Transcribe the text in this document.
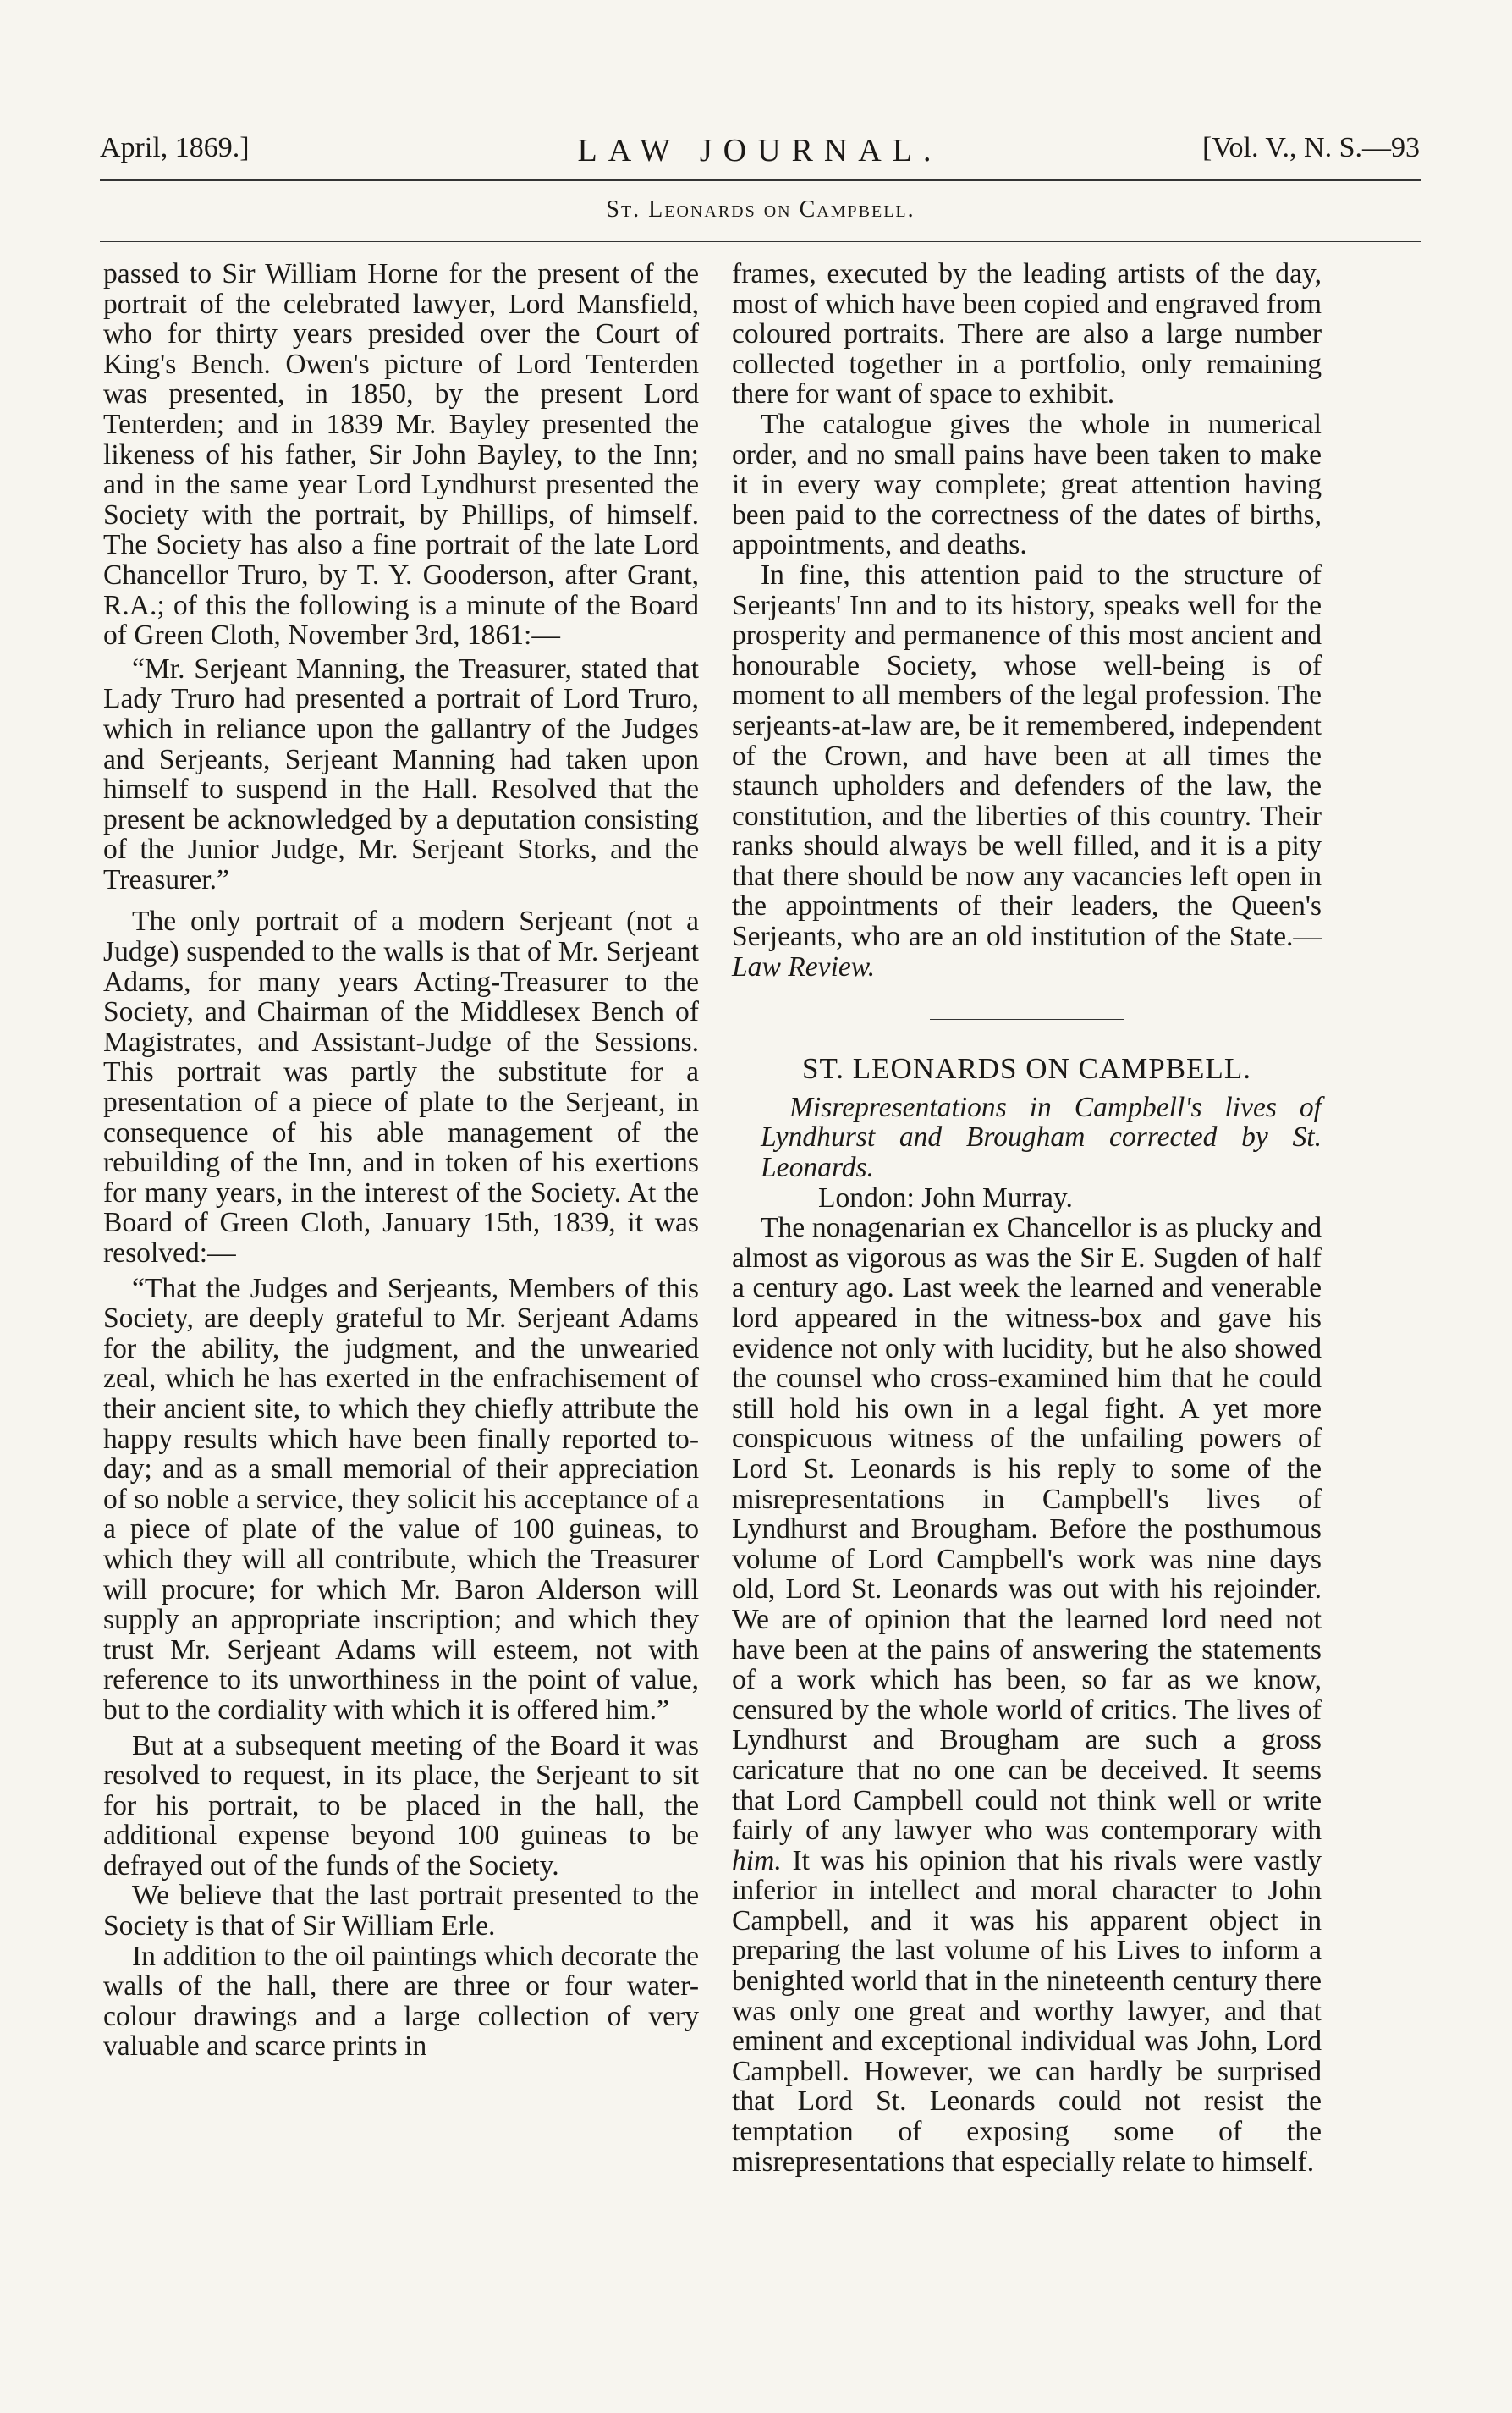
April, 1869.]	LAW JOURNAL.	[Vol. V., N. S.—93
St. Leonards on Campbell.

passed to Sir William Horne for the present of the portrait of the celebrated lawyer, Lord Mansfield, who for thirty years presided over the Court of King's Bench. Owen's picture of Lord Tenterden was presented, in 1850, by the present Lord Tenterden; and in 1839 Mr. Bayley presented the likeness of his father, Sir John Bayley, to the Inn; and in the same year Lord Lyndhurst presented the Society with the portrait, by Phillips, of himself. The Society has also a fine portrait of the late Lord Chancellor Truro, by T. Y. Gooderson, after Grant, R.A.; of this the following is a minute of the Board of Green Cloth, November 3rd, 1861:—

“Mr. Serjeant Manning, the Treasurer, stated that Lady Truro had presented a portrait of Lord Truro, which in reliance upon the gallantry of the Judges and Serjeants, Serjeant Manning had taken upon himself to suspend in the Hall. Resolved that the present be acknowledged by a deputation consisting of the Junior Judge, Mr. Serjeant Storks, and the Treasurer.”

The only portrait of a modern Serjeant (not a Judge) suspended to the walls is that of Mr. Serjeant Adams, for many years Acting-Treasurer to the Society, and Chairman of the Middlesex Bench of Magistrates, and Assistant-Judge of the Sessions. This portrait was partly the substitute for a presentation of a piece of plate to the Serjeant, in consequence of his able management of the rebuilding of the Inn, and in token of his exertions for many years, in the interest of the Society. At the Board of Green Cloth, January 15th, 1839, it was resolved:—

“That the Judges and Serjeants, Members of this Society, are deeply grateful to Mr. Serjeant Adams for the ability, the judgment, and the unwearied zeal, which he has exerted in the enfrachisement of their ancient site, to which they chiefly attribute the happy results which have been finally reported to-day; and as a small memorial of their appreciation of so noble a service, they solicit his acceptance of a a piece of plate of the value of 100 guineas, to which they will all contribute, which the Treasurer will procure; for which Mr. Baron Alderson will supply an appropriate inscription; and which they trust Mr. Serjeant Adams will esteem, not with reference to its unworthiness in the point of value, but to the cordiality with which it is offered him.”

But at a subsequent meeting of the Board it was resolved to request, in its place, the Serjeant to sit for his portrait, to be placed in the hall, the additional expense beyond 100 guineas to be defrayed out of the funds of the Society.

We believe that the last portrait presented to the Society is that of Sir William Erle.

In addition to the oil paintings which decorate the walls of the hall, there are three or four water-colour drawings and a large collection of very valuable and scarce prints in

frames, executed by the leading artists of the day, most of which have been copied and engraved from coloured portraits. There are also a large number collected together in a portfolio, only remaining there for want of space to exhibit.

The catalogue gives the whole in numerical order, and no small pains have been taken to make it in every way complete; great attention having been paid to the correctness of the dates of births, appointments, and deaths.

In fine, this attention paid to the structure of Serjeants' Inn and to its history, speaks well for the prosperity and permanence of this most ancient and honourable Society, whose well-being is of moment to all members of the legal profession. The serjeants-at-law are, be it remembered, independent of the Crown, and have been at all times the staunch upholders and defenders of the law, the constitution, and the liberties of this country. Their ranks should always be well filled, and it is a pity that there should be now any vacancies left open in the appointments of their leaders, the Queen's Serjeants, who are an old institution of the State.—Law Review.

ST. LEONARDS ON CAMPBELL.

Misrepresentations in Campbell's lives of Lyndhurst and Brougham corrected by St. Leonards.

London: John Murray.

The nonagenarian ex Chancellor is as plucky and almost as vigorous as was the Sir E. Sugden of half a century ago. Last week the learned and venerable lord appeared in the witness-box and gave his evidence not only with lucidity, but he also showed the counsel who cross-examined him that he could still hold his own in a legal fight. A yet more conspicuous witness of the unfailing powers of Lord St. Leonards is his reply to some of the misrepresentations in Campbell's lives of Lyndhurst and Brougham. Before the posthumous volume of Lord Campbell's work was nine days old, Lord St. Leonards was out with his rejoinder. We are of opinion that the learned lord need not have been at the pains of answering the statements of a work which has been, so far as we know, censured by the whole world of critics. The lives of Lyndhurst and Brougham are such a gross caricature that no one can be deceived. It seems that Lord Campbell could not think well or write fairly of any lawyer who was contemporary with him. It was his opinion that his rivals were vastly inferior in intellect and moral character to John Campbell, and it was his apparent object in preparing the last volume of his Lives to inform a benighted world that in the nineteenth century there was only one great and worthy lawyer, and that eminent and exceptional individual was John, Lord Campbell. However, we can hardly be surprised that Lord St. Leonards could not resist the temptation of exposing some of the misrepresentations that especially relate to himself.
